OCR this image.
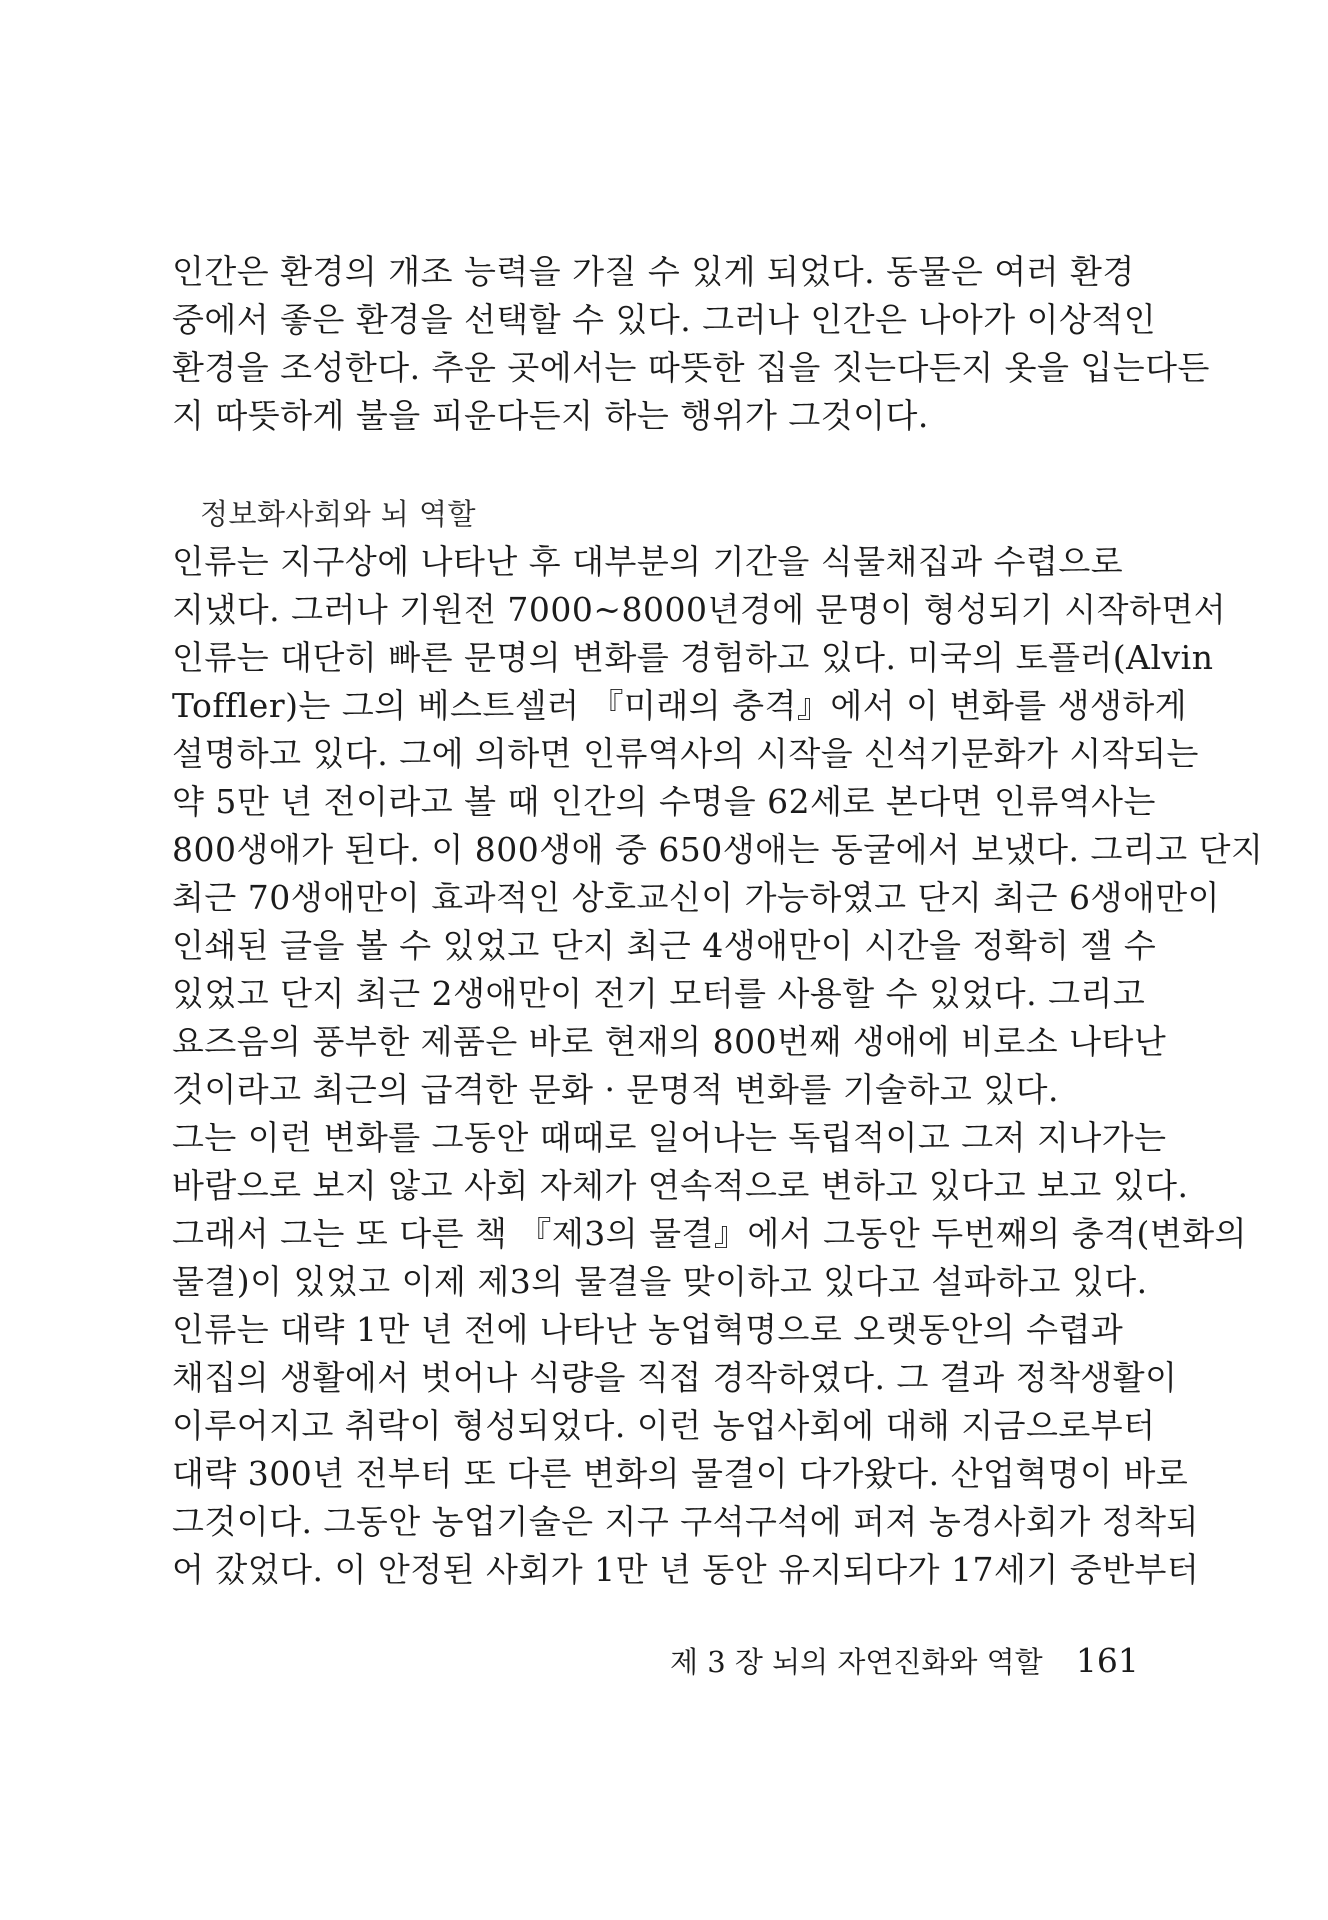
인간은 환경의 개조 능력을 가질 수 있게 되었다. 동물은 여러 환경
중에서 좋은 환경을 선택할 수 있다. 그러나 인간은 나아가 이상적인
환경을 조성한다. 추운 곳에서는 따뜻한 집을 짓는다든지 옷을 입는다든
지 따뜻하게 불을 피운다든지 하는 행위가 그것이다.
정보화사회와 뇌 역할
인류는 지구상에 나타난 후 대부분의 기간을 식물채집과 수렵으로
지냈다. 그러나 기원전 7000~8000년경에 문명이 형성되기 시작하면서
인류는 대단히 빠른 문명의 변화를 경험하고 있다. 미국의 토플러(Alvin
Toffler)는 그의 베스트셀러 『미래의 충격』에서 이 변화를 생생하게
설명하고 있다. 그에 의하면 인류역사의 시작을 신석기문화가 시작되는
약 5만 년 전이라고 볼 때 인간의 수명을 62세로 본다면 인류역사는
800생애가 된다. 이 800생애 중 650생애는 동굴에서 보냈다. 그리고 단지
최근 70생애만이 효과적인 상호교신이 가능하였고 단지 최근 6생애만이
인쇄된 글을 볼 수 있었고 단지 최근 4생애만이 시간을 정확히 잴 수
있었고 단지 최근 2생애만이 전기 모터를 사용할 수 있었다. 그리고
요즈음의 풍부한 제품은 바로 현재의 800번째 생애에 비로소 나타난
것이라고 최근의 급격한 문화 · 문명적 변화를 기술하고 있다.
그는 이런 변화를 그동안 때때로 일어나는 독립적이고 그저 지나가는
바람으로 보지 않고 사회 자체가 연속적으로 변하고 있다고 보고 있다.
그래서 그는 또 다른 책 『제3의 물결』에서 그동안 두번째의 충격(변화의
물결)이 있었고 이제 제3의 물결을 맞이하고 있다고 설파하고 있다.
인류는 대략 1만 년 전에 나타난 농업혁명으로 오랫동안의 수렵과
채집의 생활에서 벗어나 식량을 직접 경작하였다. 그 결과 정착생활이
이루어지고 취락이 형성되었다. 이런 농업사회에 대해 지금으로부터
대략 300년 전부터 또 다른 변화의 물결이 다가왔다. 산업혁명이 바로
그것이다. 그동안 농업기술은 지구 구석구석에 퍼져 농경사회가 정착되
어 갔었다. 이 안정된 사회가 1만 년 동안 유지되다가 17세기 중반부터
제 3 장 뇌의 자연진화와 역할 161
